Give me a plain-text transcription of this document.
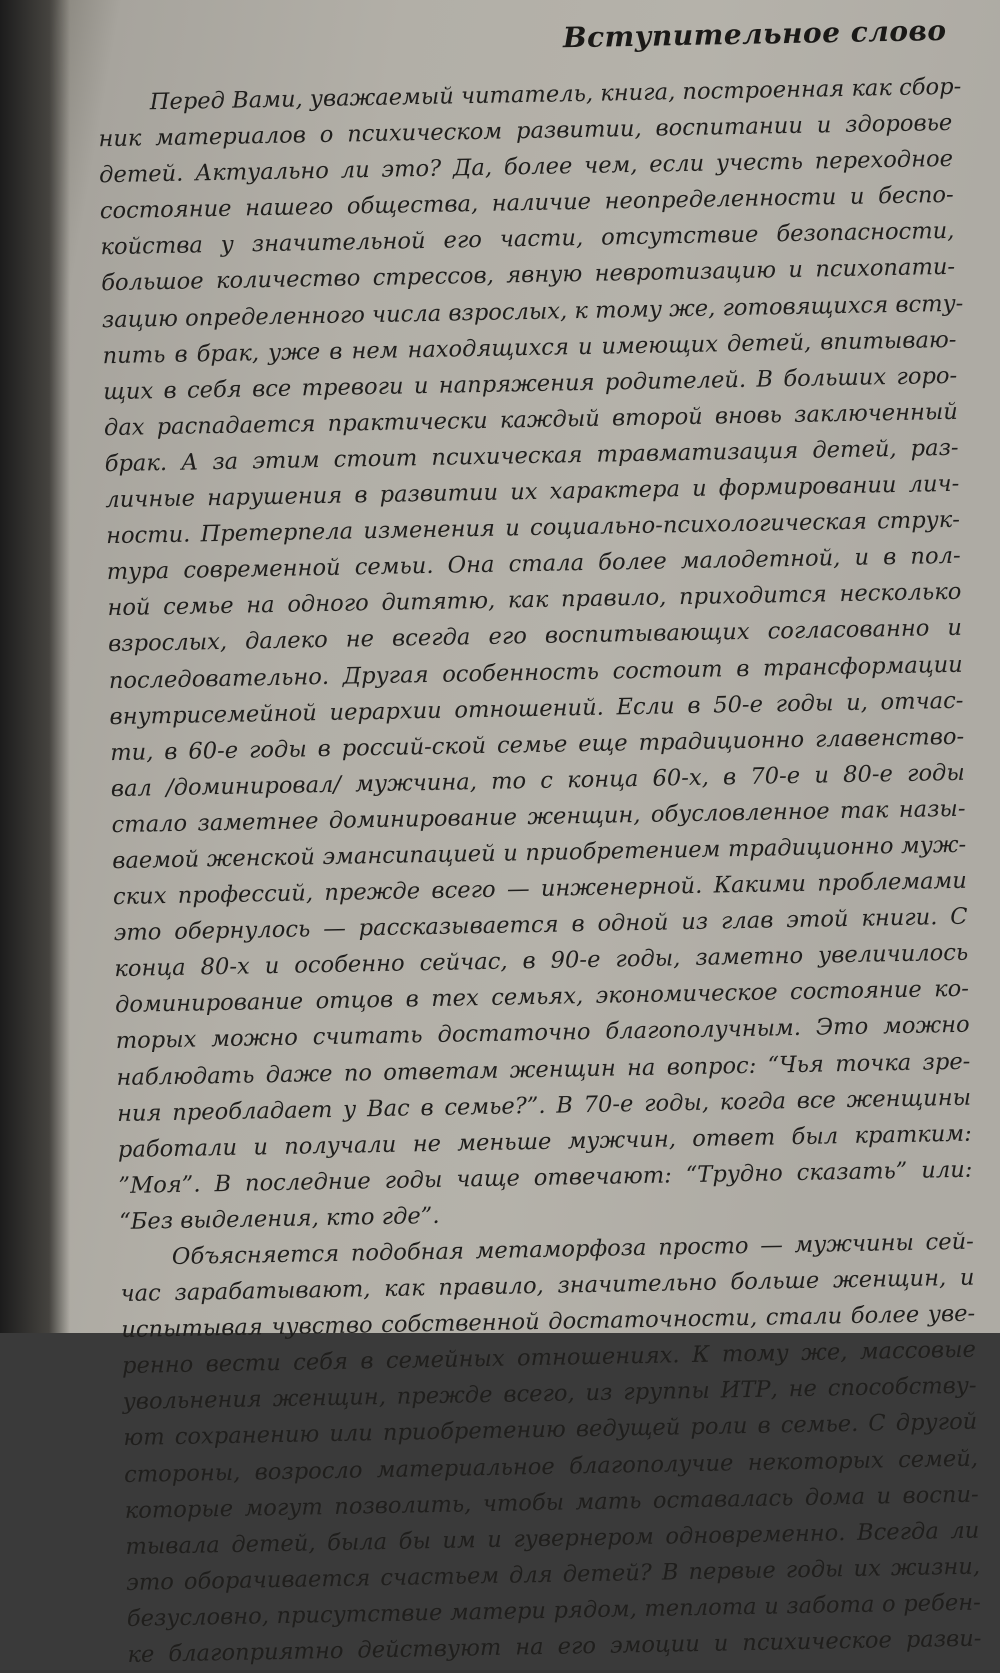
Вступительное слово
Перед Вами, уважаемый читатель, книга, построенная как сбор-
ник материалов о психическом развитии, воспитании и здоровье
детей. Актуально ли это? Да, более чем, если учесть переходное
состояние нашего общества, наличие неопределенности и беспо-
койства у значительной его части, отсутствие безопасности,
большое количество стрессов, явную невротизацию и психопати-
зацию определенного числа взрослых, к тому же, готовящихся всту-
пить в брак, уже в нем находящихся и имеющих детей, впитываю-
щих в себя все тревоги и напряжения родителей. В больших горо-
дах распадается практически каждый второй вновь заключенный
брак. А за этим стоит психическая травматизация детей, раз-
личные нарушения в развитии их характера и формировании лич-
ности. Претерпела изменения и социально-психологическая струк-
тура современной семьи. Она стала более малодетной, и в пол-
ной семье на одного дитятю, как правило, приходится несколько
взрослых, далеко не всегда его воспитывающих согласованно и
последовательно. Другая особенность состоит в трансформации
внутрисемейной иерархии отношений. Если в 50-е годы и, отчас-
ти, в 60-е годы в россий-ской семье еще традиционно главенство-
вал /доминировал/ мужчина, то с конца 60-х, в 70-е и 80-е годы
стало заметнее доминирование женщин, обусловленное так назы-
ваемой женской эмансипацией и приобретением традиционно муж-
ских профессий, прежде всего — инженерной. Какими проблемами
это обернулось — рассказывается в одной из глав этой книги. С
конца 80-х и особенно сейчас, в 90-е годы, заметно увеличилось
доминирование отцов в тех семьях, экономическое состояние ко-
торых можно считать достаточно благополучным. Это можно
наблюдать даже по ответам женщин на вопрос: “Чья точка зре-
ния преобладает у Вас в семье?”. В 70-е годы, когда все женщины
работали и получали не меньше мужчин, ответ был кратким:
”Моя”. В последние годы чаще отвечают: “Трудно сказать” или:
“Без выделения, кто где”.
Объясняется подобная метаморфоза просто — мужчины сей-
час зарабатывают, как правило, значительно больше женщин, и
испытывая чувство собственной достаточности, стали более уве-
ренно вести себя в семейных отношениях. К тому же, массовые
увольнения женщин, прежде всего, из группы ИТР, не способству-
ют сохранению или приобретению ведущей роли в семье. С другой
стороны, возросло материальное благополучие некоторых семей,
которые могут позволить, чтобы мать оставалась дома и воспи-
тывала детей, была бы им и гувернером одновременно. Всегда ли
это оборачивается счастьем для детей? В первые годы их жизни,
безусловно, присутствие матери рядом, теплота и забота о ребен-
ке благоприятно действуют на его эмоции и психическое разви-
